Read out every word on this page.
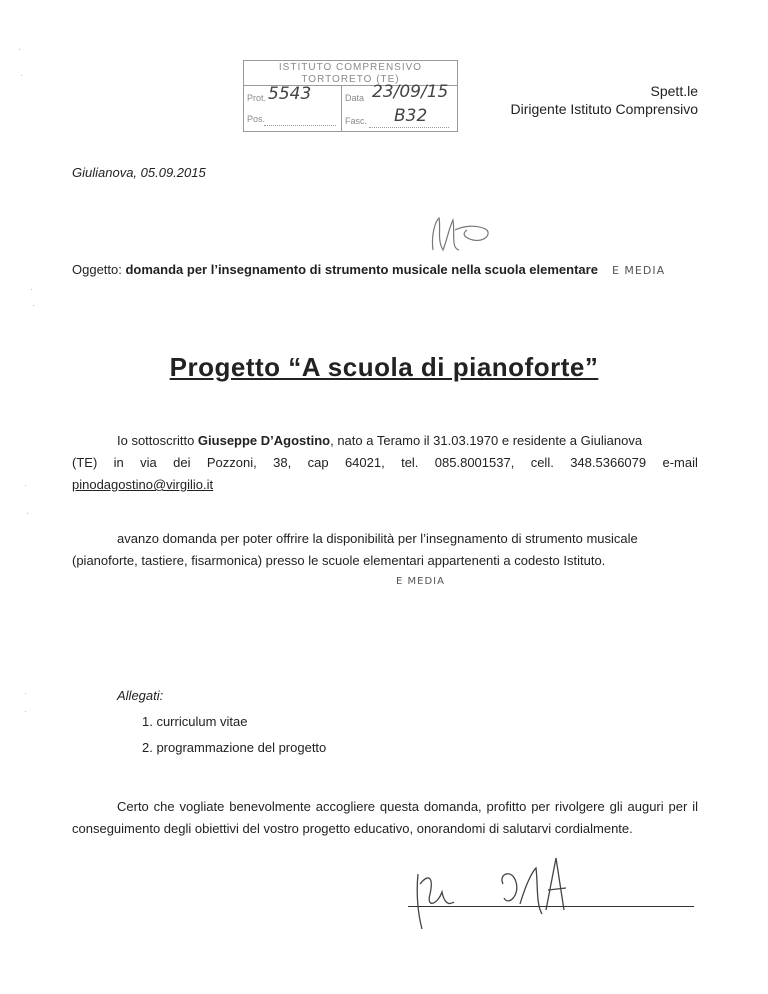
ISTITUTO COMPRENSIVO
TORTORETO (TE)
Prot. 5543	Data 23/09/15
Pos.	Fasc. B32
Spett.le
Dirigente Istituto Comprensivo
Giulianova, 05.09.2015
Oggetto: domanda per l’insegnamento di strumento musicale nella scuola elementare E MEDIA
Progetto “A scuola di pianoforte”
Io sottoscritto Giuseppe D’Agostino, nato a Teramo il 31.03.1970 e residente a Giulianova
(TE) in via dei Pozzoni, 38, cap 64021, tel. 085.8001537, cell. 348.5366079 e-mail
pinodagostino@virgilio.it
avanzo domanda per poter offrire la disponibilità per l’insegnamento di strumento musicale (pianoforte, tastiere, fisarmonica) presso le scuole elementari appartenenti a codesto Istituto.
E MEDIA
Allegati:
1. curriculum vitae
2. programmazione del progetto
Certo che vogliate benevolmente accogliere questa domanda, profitto per rivolgere gli auguri per il conseguimento degli obiettivi del vostro progetto educativo, onorandomi di salutarvi cordialmente.
·
·
·
·
·
·
·
·
